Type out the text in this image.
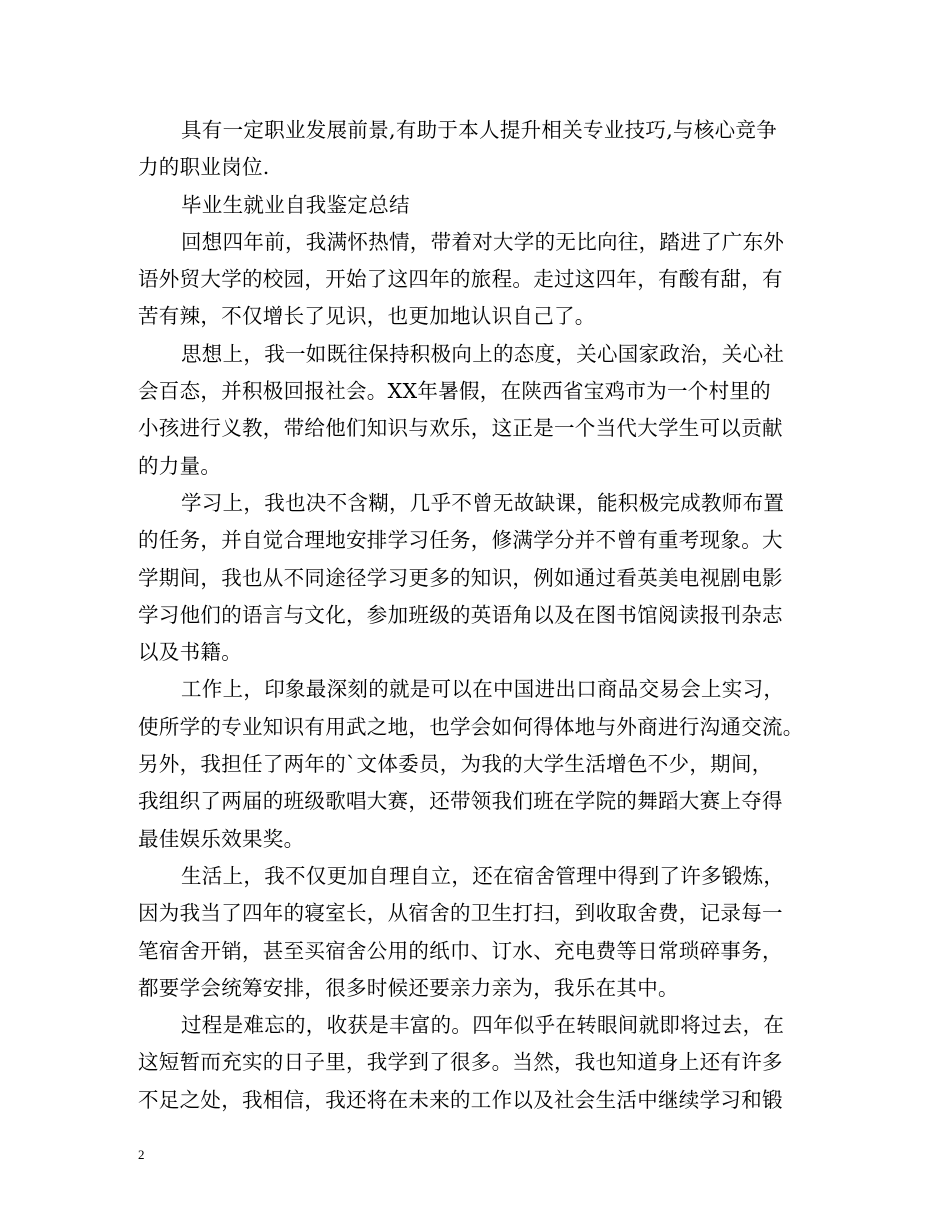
具有一定职业发展前景,有助于本人提升相关专业技巧,与核心竞争
力的职业岗位.
毕业生就业自我鉴定总结
回想四年前，我满怀热情，带着对大学的无比向往，踏进了广东外
语外贸大学的校园，开始了这四年的旅程。走过这四年，有酸有甜，有
苦有辣，不仅增长了见识，也更加地认识自己了。
思想上，我一如既往保持积极向上的态度，关心国家政治，关心社
会百态，并积极回报社会。XX年暑假，在陕西省宝鸡市为一个村里的
小孩进行义教，带给他们知识与欢乐，这正是一个当代大学生可以贡献
的力量。
学习上，我也决不含糊，几乎不曾无故缺课，能积极完成教师布置
的任务，并自觉合理地安排学习任务，修满学分并不曾有重考现象。大
学期间，我也从不同途径学习更多的知识，例如通过看英美电视剧电影
学习他们的语言与文化，参加班级的英语角以及在图书馆阅读报刊杂志
以及书籍。
工作上，印象最深刻的就是可以在中国进出口商品交易会上实习，
使所学的专业知识有用武之地，也学会如何得体地与外商进行沟通交流。
另外，我担任了两年的`文体委员，为我的大学生活增色不少，期间，
我组织了两届的班级歌唱大赛，还带领我们班在学院的舞蹈大赛上夺得
最佳娱乐效果奖。
生活上，我不仅更加自理自立，还在宿舍管理中得到了许多锻炼，
因为我当了四年的寝室长，从宿舍的卫生打扫，到收取舍费，记录每一
笔宿舍开销，甚至买宿舍公用的纸巾、订水、充电费等日常琐碎事务，
都要学会统筹安排，很多时候还要亲力亲为，我乐在其中。
过程是难忘的，收获是丰富的。四年似乎在转眼间就即将过去，在
这短暂而充实的日子里，我学到了很多。当然，我也知道身上还有许多
不足之处，我相信，我还将在未来的工作以及社会生活中继续学习和锻
2
